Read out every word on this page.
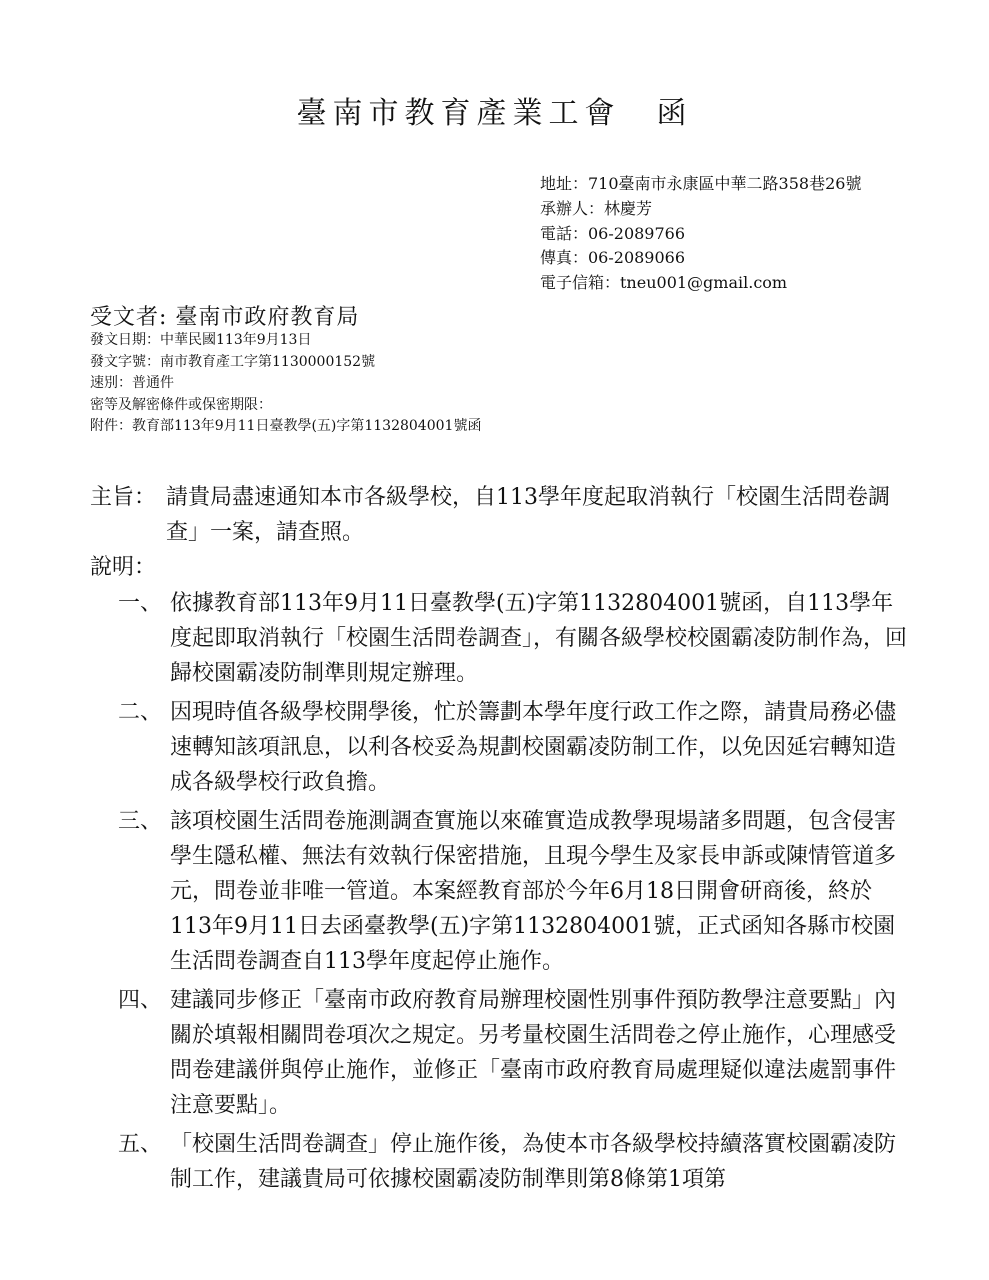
臺南市教育產業工會　函
地址：710臺南市永康區中華二路358巷26號
承辦人：林慶芳
電話：06-2089766
傳真：06-2089066
電子信箱：tneu001@gmail.com
受文者: 臺南市政府教育局
發文日期：中華民國113年9月13日
發文字號：南市教育產工字第1130000152號
速別：普通件
密等及解密條件或保密期限：
附件：教育部113年9月11日臺教學(五)字第1132804001號函
主旨： 請貴局盡速通知本市各級學校，自113學年度起取消執行「校園生活問卷調查」一案，請查照。
說明：
一、 依據教育部113年9月11日臺教學(五)字第1132804001號函，自113學年度起即取消執行「校園生活問卷調查」，有關各級學校校園霸凌防制作為，回歸校園霸凌防制準則規定辦理。
二、 因現時值各級學校開學後，忙於籌劃本學年度行政工作之際，請貴局務必儘速轉知該項訊息，以利各校妥為規劃校園霸凌防制工作，以免因延宕轉知造成各級學校行政負擔。
三、 該項校園生活問卷施測調查實施以來確實造成教學現場諸多問題，包含侵害學生隱私權、無法有效執行保密措施，且現今學生及家長申訴或陳情管道多元，問卷並非唯一管道。本案經教育部於今年6月18日開會研商後，終於113年9月11日去函臺教學(五)字第1132804001號，正式函知各縣市校園生活問卷調查自113學年度起停止施作。
四、 建議同步修正「臺南市政府教育局辦理校園性別事件預防教學注意要點」內關於填報相關問卷項次之規定。另考量校園生活問卷之停止施作，心理感受問卷建議併與停止施作，並修正「臺南市政府教育局處理疑似違法處罰事件注意要點」。
五、 「校園生活問卷調查」停止施作後，為使本市各級學校持續落實校園霸凌防制工作，建議貴局可依據校園霸凌防制準則第8條第1項第
